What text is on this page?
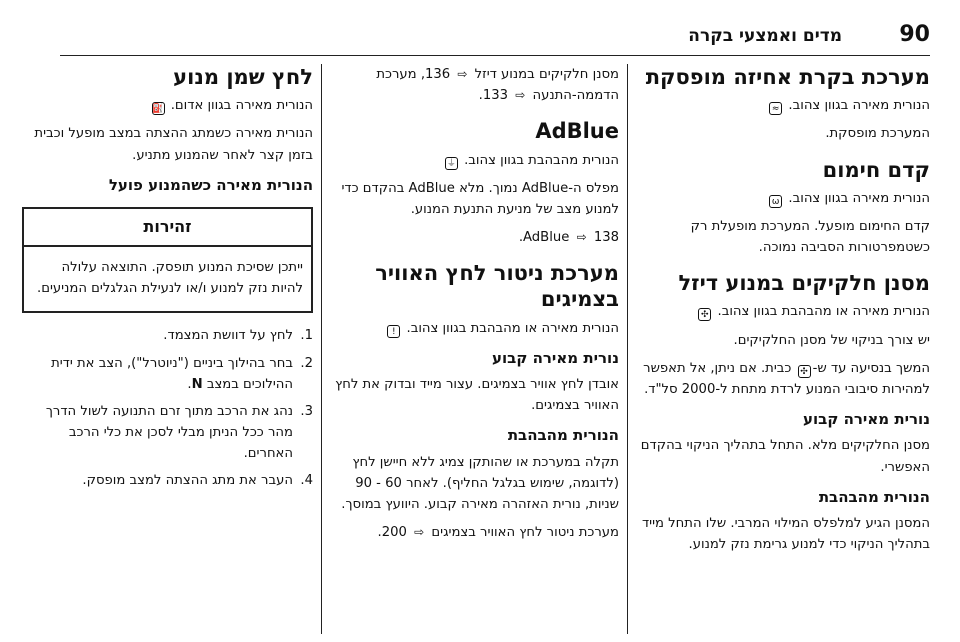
90
מדים ואמצעי בקרה
מערכת בקרת אחיזה מופסקת

הנורית מאירה בגוון צהוב. ≈

המערכת מופסקת.

קדם חימום

הנורית מאירה בגוון צהוב. ω

קדם החימום מופעל. המערכת מופעלת רק כשטמפרטורות הסביבה נמוכה.

מסנן חלקיקים במנוע דיזל

הנורית מאירה או מהבהבת בגוון צהוב. ✣

יש צורך בניקוי של מסנן החלקיקים.

המשך בנסיעה עד ש-✣ כבית. אם ניתן, אל תאפשר למהירות סיבובי המנוע לרדת מתחת ל-2000 סל"ד.

נורית מאירה קבוע

מסנן החלקיקים מלא. התחל בתהליך הניקוי בהקדם האפשרי.

הנורית מהבהבת

המסנן הגיע למלפלס המילוי המרבי. שלו התחל מייד בתהליך הניקוי כדי למנוע גרימת נזק למנוע.

מסנן חלקיקים במנוע דיזל ⇨ 136, מערכת הדממה-התנעה ⇨ 133.

AdBlue

הנורית מהבהבת בגוון צהוב. ⏚

מפלס ה-AdBlue נמוך. מלא AdBlue בהקדם כדי למנוע מצב של מניעת התנעת המנוע.

AdBlue ⇨ 138.

מערכת ניטור לחץ האוויר בצמיגים

הנורית מאירה או מהבהבת בגוון צהוב. !

נורית מאירה קבוע

אובדן לחץ אוויר בצמיגים. עצור מייד ובדוק את לחץ האוויר בצמיגים.

הנורית מהבהבת

תקלה במערכת או שהותקן צמיג ללא חיישן לחץ (לדוגמה, שימוש בגלגל החליף). לאחר 60 - 90 שניות, נורית האזהרה מאירה קבוע. היוועץ במוסך.

מערכת ניטור לחץ האוויר בצמיגים ⇨ 200.

לחץ שמן מנוע

הנורית מאירה בגוון אדום. ⛽

הנורית מאירה כשמתג ההצתה במצב מופעל וכבית בזמן קצר לאחר שהמנוע מתניע.

הנורית מאירה כשהמנוע פועל
זהירות
ייתכן שסיכת המנוע תופסק. התוצאה עלולה להיות נזק למנוע ו/או לנעילת הגלגלים המניעים.
1.
לחץ על דוושת המצמד.
2.
בחר בהילוך ביניים ("ניוטרל"), הצב את ידית ההילוכים במצב N.
3.
נהג את הרכב מתוך זרם התנועה לשול הדרך מהר ככל הניתן מבלי לסכן את כלי הרכב האחרים.
4.
העבר את מתג ההצתה למצב מופסק.
